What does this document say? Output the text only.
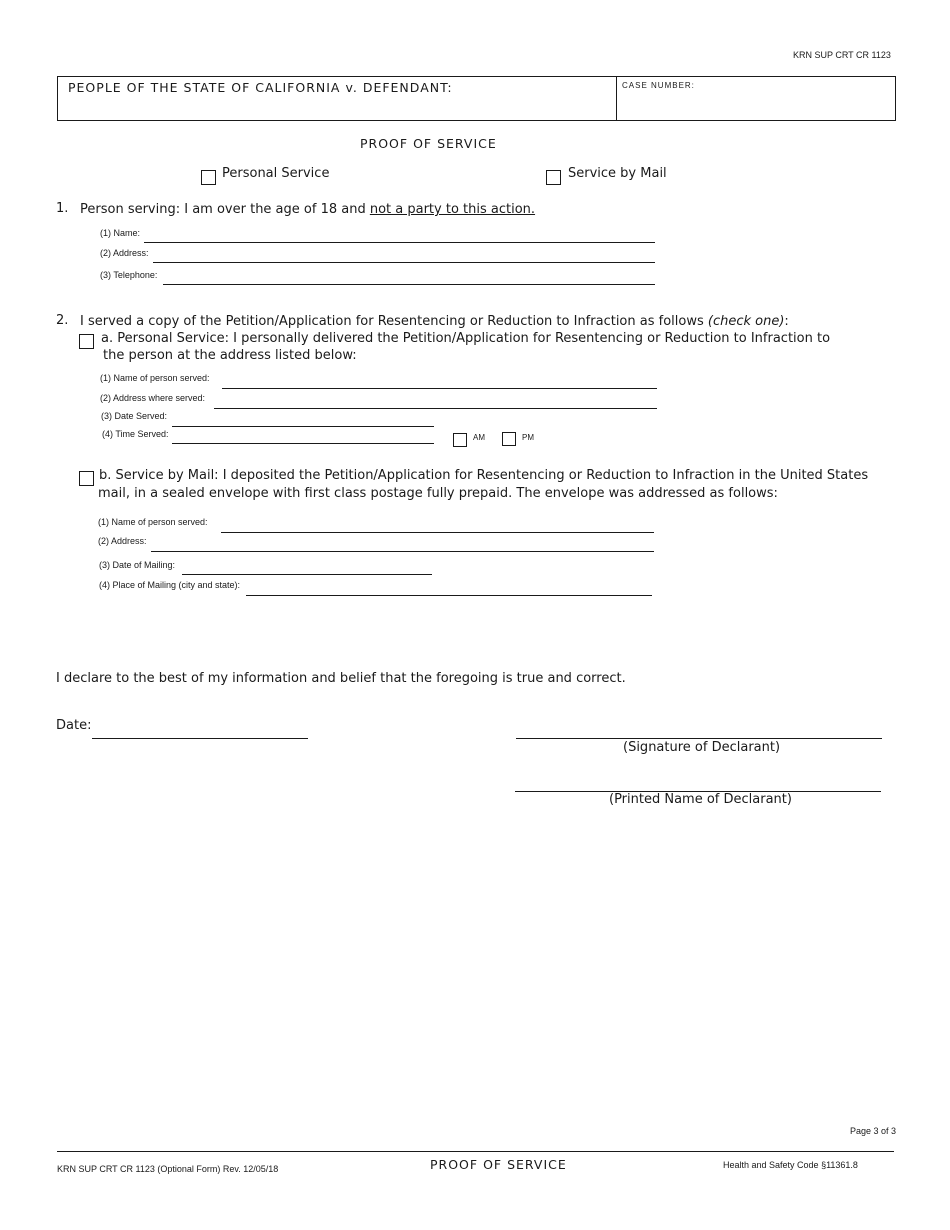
KRN SUP CRT CR 1123
PEOPLE OF THE STATE OF CALIFORNIA v. DEFENDANT:	CASE NUMBER:
PROOF OF SERVICE
Personal Service	Service by Mail
1. Person serving: I am over the age of 18 and not a party to this action.
(1) Name:
(2) Address:
(3) Telephone:
2. I served a copy of the Petition/Application for Resentencing or Reduction to Infraction as follows (check one):
a. Personal Service: I personally delivered the Petition/Application for Resentencing or Reduction to Infraction to
the person at the address listed below:
(1) Name of person served:
(2) Address where served:
(3) Date Served:
(4) Time Served:	AM	PM
b. Service by Mail: I deposited the Petition/Application for Resentencing or Reduction to Infraction in the United States
mail, in a sealed envelope with first class postage fully prepaid. The envelope was addressed as follows:
(1) Name of person served:
(2) Address:
(3) Date of Mailing:
(4) Place of Mailing (city and state):
I declare to the best of my information and belief that the foregoing is true and correct.
Date:
(Signature of Declarant)
(Printed Name of Declarant)
Page 3 of 3
KRN SUP CRT CR 1123 (Optional Form) Rev. 12/05/18	PROOF OF SERVICE	Health and Safety Code §11361.8
